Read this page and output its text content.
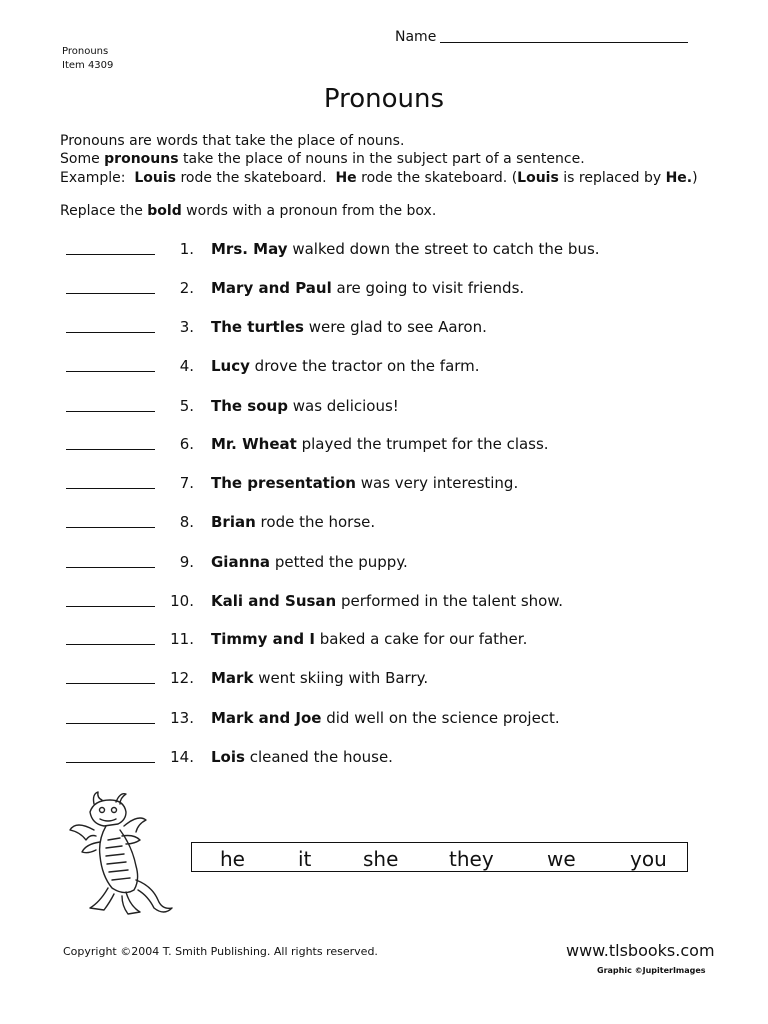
Name
Pronouns
Item 4309
Pronouns
Pronouns are words that take the place of nouns.
Some pronouns take the place of nouns in the subject part of a sentence.
Example:  Louis rode the skateboard.  He rode the skateboard. (Louis is replaced by He.)
Replace the bold words with a pronoun from the box.
1. Mrs. May walked down the street to catch the bus.
2. Mary and Paul are going to visit friends.
3. The turtles were glad to see Aaron.
4. Lucy drove the tractor on the farm.
5. The soup was delicious!
6. Mr. Wheat played the trumpet for the class.
7. The presentation was very interesting.
8. Brian rode the horse.
9. Gianna petted the puppy.
10. Kali and Susan performed in the talent show.
11. Timmy and I baked a cake for our father.
12. Mark went skiing with Barry.
13. Mark and Joe did well on the science project.
14. Lois cleaned the house.
he	it	she	they	we	you
Copyright ©2004 T. Smith Publishing. All rights reserved.	www.tlsbooks.com
Graphic ©JupiterImages
